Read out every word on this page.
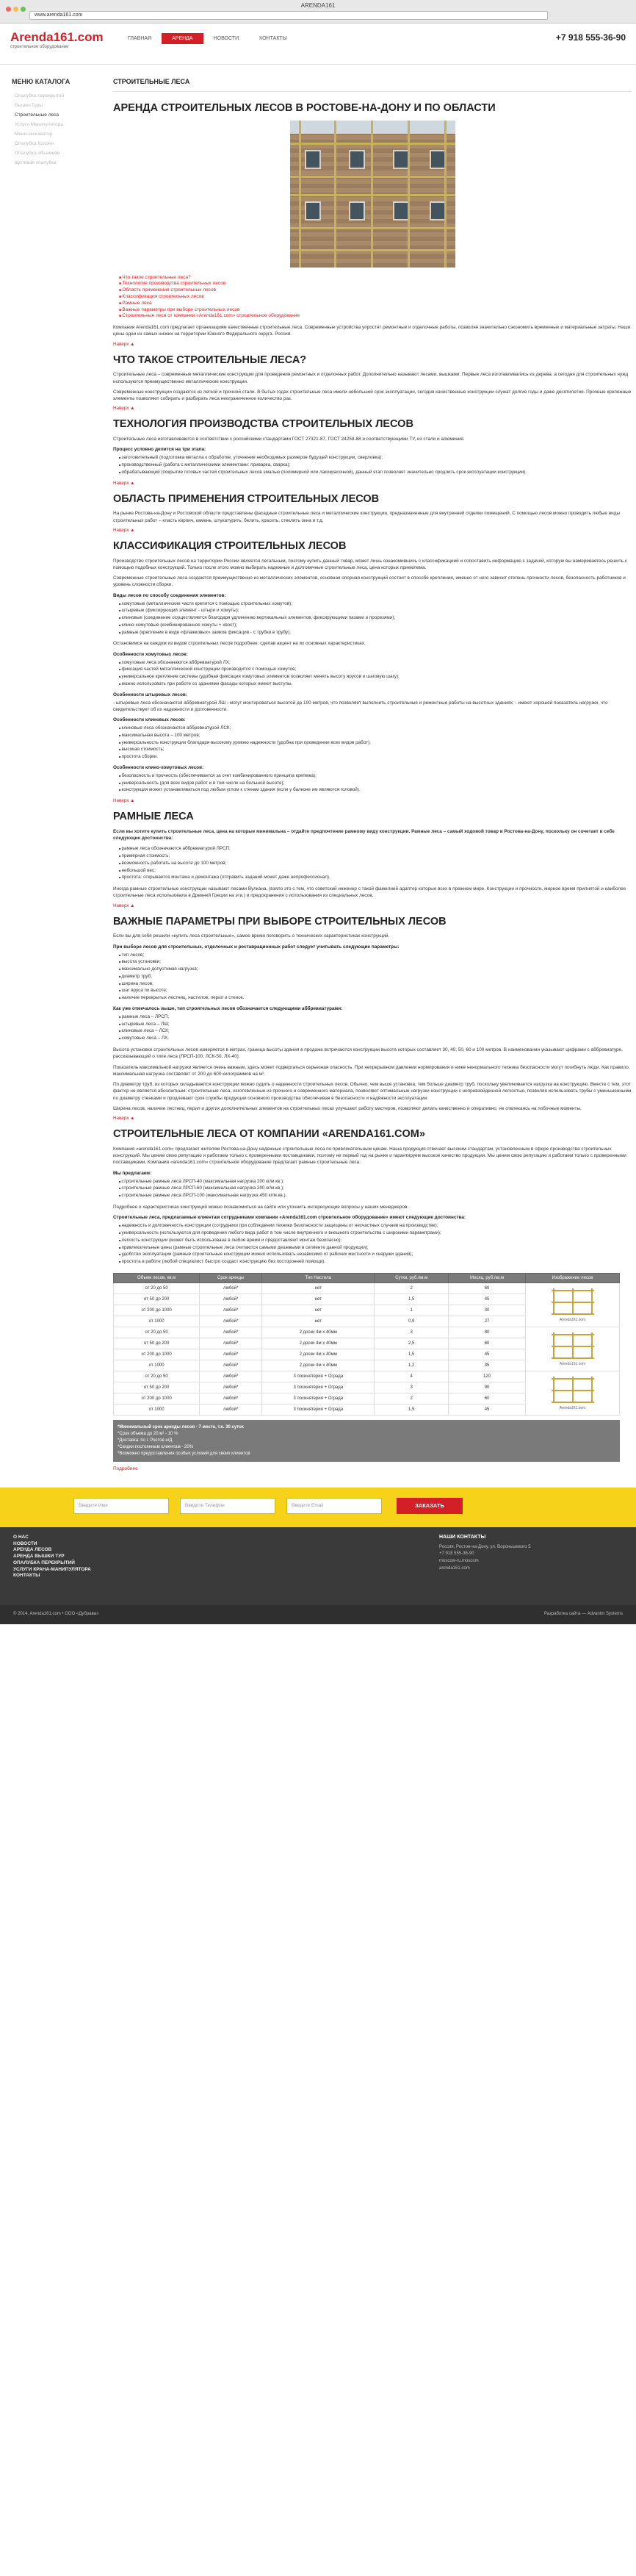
ARENDA161
www.arenda161.com
Arenda161.com
строительное оборудование
ГЛАВНАЯ	АРЕНДА	НОВОСТИ	КОНТАКТЫ	+7 918 555-36-90
МЕНЮ КАТАЛОГА
Опалубка перекрытий
Вышки-Туры
Строительные леса
Услуги Манипулятора
Мини-экскаватор
Опалубка Колонн
Опалубка объемная
Щитовая опалубка
СТРОИТЕЛЬНЫЕ ЛЕСА
АРЕНДА СТРОИТЕЛЬНЫХ ЛЕСОВ В РОСТОВЕ-НА-ДОНУ И ПО ОБЛАСТИ
■ Что такое строительные леса?
■ Технология производства строительных лесов
■ Область применения строительных лесов
■ Классификация строительных лесов
■ Рамные леса
■ Важные параметры при выборе строительных лесов
■ Строительные леса от компании «Arenda161.com» строительное оборудование
Компания Arenda161.com предлагает организациям качественные строительные леса. Современные устройства упростят ремонтные и отделочные работы, позволяя значительно сэкономить временные и материальные затраты. Наши цены одни из самых низких на территории Южного Федерального округа. Россия.
Наверх ▲
ЧТО ТАКОЕ СТРОИТЕЛЬНЫЕ ЛЕСА?
Строительные леса – современные металлические конструкции для проведения ремонтных и отделочных работ. Дополнительно называют лесами, вышками. Первые леса изготавливались из дерева, а сегодня для строительных нужд используются преимущественно металлические конструкции.
Современные конструкции создаются из легкой и прочной стали. В бытых годах строительные леса имели небольшой срок эксплуатации, сегодня качественные конструкции служат долгие годы и даже десятилетия. Прочные крепежные элементы позволяют собирать и разбирать леса неограниченное количество раз.
Наверх ▲
ТЕХНОЛОГИЯ ПРОИЗВОДСТВА СТРОИТЕЛЬНЫХ ЛЕСОВ
Строительные леса изготавливаются в соответствии с российскими стандартами ГОСТ 27321-87, ГОСТ 24258-88 и соответствующими ТУ, из стали и алюминия.
Процесс условно делится на три этапа:
■ заготовительный (подготовка металла к обработке, уточнение необходимых размеров будущей конструкции, сверловка);
■ производственный (работа с металлическими элементами: приварка, сварка);
■ обрабатывающий (покрытие готовых частей строительных лесов эмалью (полимерной или лакокрасочной), данный этап позволяет значительно продлить срок эксплуатации конструкции).
Наверх ▲
ОБЛАСТЬ ПРИМЕНЕНИЯ СТРОИТЕЛЬНЫХ ЛЕСОВ
На рынке Ростова-на-Дону и Ростовской области представлены фасадные строительные леса и металлические конструкции, предназначенные для внутренней отделки помещений. С помощью лесов можно проводить любые виды строительных работ – класть кирпич, камень, штукатурить, белить, красить, стеклить окна и т.д.
Наверх ▲
КЛАССИФИКАЦИЯ СТРОИТЕЛЬНЫХ ЛЕСОВ
Производство строительных лесов на территории России является легальным, поэтому купить данный товар, может лишь ознакомившись с классификацией и сопоставить информацию с задачей, которую вы намереваетесь решить с помощью подобных конструкций. Только после этого можно выбирать надежные и долговечные строительные леса, цена которых приемлема.
Современные строительные леса создаются преимущественно из металлических элементов, основная опорная конструкций состоит в способе крепления, именно от него зависит степень прочности лесов, безопасность работников и уровень сложности сборки.
Виды лесов по способу соединения элементов:
■ хомутовые (металлические части крепятся с помощью строительных хомутов);
■ штыревые (фиксирующий элемент - штыри и хомуты);
■ клиновые (соединение осуществляется благодаря удлинению вертикальных элементов, фиксирующими пазами и прорезями);
■ клино-хомутовые (комбинированное хомуты + хвост);
■ рамные (крепление в виде «флажковых» замков фиксации - с трубки в трубу).
Остановимся на каждом из видов строительных лесов подробнее: сделав акцент на их основных характеристиках.
Особенности хомутовых лесов:
■ хомутовые леса обозначаются аббревиатурой ЛХ;
■ фиксация частей металлической конструкции производится с помощью хомутов;
■ универсальное крепление системы (удобная фиксация хомутовых элементов позволяет менять высоту ярусов и шаговую шагу);
■ можно использовать при работе со зданиями фасады которых имеют выступы.
Особенности штыревых лесов:
- штыревые леса обозначаются аббревиатурой ЛШ - могут монтироваться высотой до 100 метров, что позволяет выполнить строительные и ремонтные работы на высотных зданиях; - имеют хорошей показатель нагрузки, что свидетельствует об их надежности и долговечности.
Особенности клиновых лесов:
■ клиновые леса обозначаются аббревиатурой ЛСК;
■ максимальная высота – 100 метров;
■ универсальность конструкции благодаря высокому уровню надежности (удобна при проведении всех видов работ);
■ высокая стоимость;
■ простота сборки.
Особенности клино-хомутовых лесов:
■ безопасность и прочность (обеспечивается за счет комбинированного принципа крепежа);
■ универсальность (для всех видов работ и в том числе на большой высоте);
■ конструкция может устанавливаться под любым углом к стенам здания (если у балконе им являются головой).
Наверх ▲
РАМНЫЕ ЛЕСА
Если вы хотите купить строительные леса, цена на которые минимальна – отдайте предпочтение рамному виду конструкции. Рамные леса – самый ходовой товар в Ростова-на-Дону, поскольку он сочетает в себе следующие достоинства:
■ рамные леса обозначаются аббревиатурой ЛРСП;
■ примерная стоимость;
■ возможность работать на высоте до 100 метров;
■ небольшой вес;
■ простота: открывается монтажа и демонтажа (отправить заданий может даже непрофессионал).
Иногда рамные строительные конструкции называют лесами Вулкана, (взяло это с тем, что советский инженер с такой фамилией адаптер которые всех в прежнем мире. Конструкции и прочности, мирное время прилнятой и наиболее строительные леса использовала в Древней Греции на эти.) и предохранения с использования из специальных лесов.
Наверх ▲
ВАЖНЫЕ ПАРАМЕТРЫ ПРИ ВЫБОРЕ СТРОИТЕЛЬНЫХ ЛЕСОВ
Если вы для себя решили «купить леса строительные», самое время поговорить о технических характеристиках конструкций.
При выборе лесов для строительных, отделочных и реставрационных работ следует учитывать следующие параметры:
■ тип лесов;
■ высота установки;
■ максимально допустимая нагрузка;
■ диаметр труб;
■ ширина лесов;
■ шаг яруса по высоте;
■ наличие перекрытых лестниц, настилов, перил и стенок.
Как уже отмечалось выше, тип строительных лесов обозначается следующими аббревиатурами:
■ рамные леса – ЛРСП;
■ штыревые леса – ЛШ;
■ клиновые леса – ЛСК;
■ хомутовые леса – ЛХ.
Высота установки строительных лесов измеряется в метрах, граница высоты здания в продаже встречаются конструкции высота которых составляет 30, 40, 50, 60 и 100 метров. В наименовании указывают цифрами с аббревиатуре, рассказывающий о типе леса (ЛРСП-100, ЛСК-50, ЛХ-40).
Показатель максимальной нагрузки является очень важным, здесь может подвергаться серьезная опасность. При непрерывном давлении нормирования и ниже ненормального техника безопасности могут погибнуть люди. Как правило, максимальная нагрузка составляет от 200 до 600 килограммов на м².
По диаметру труб, из которых складываются конструкции можно судить о надежности строительных лесов. Обычно, чем выше установка, тем больше диаметр труб, поскольку увеличивается нагрузка на конструкцию. Вместе с тем, этот фактор не является абсолютным: строительные леса, изготовленные из прочного и современного материала, позволяют оптимальные нагрузки конструкции с непревзойденной легкостью, позволяя использовать трубы с уменьшенными по диаметру стенками и продлевают срок службы продукции основного производства обеспечивая в безопасности и надёжности эксплуатации.
Ширина лесов, наличие лестниц, перил и других дополнительных элементов на строительных лесах улучшают работу мастеров, позволяют делать качественно и оперативно, не отвлекаясь на побочные моменты.
Наверх ▲
СТРОИТЕЛЬНЫЕ ЛЕСА ОТ КОМПАНИИ «ARENDA161.COM»
Компания «arenda161.com» предлагает жителям Ростова-на-Дону надежные строительные леса по привлекательным ценам. Наша продукция отвечает высоким стандартам, установленным в сфере производства строительных конструкций. Мы ценим свою репутацию и работаем только с проверенными поставщиками, поэтому не первый год на рынке и гарантируем высокое качество продукции. Мы ценим свою репутацию и работаем только с проверенными поставщиками, Компания «arenda161.com» строительное оборудование предлагает рамные строительные леса.
Мы предлагаем:
■ строительные рамные леса ЛРСП-40 (максимальная нагрузка 200 кг/м.кв.);
■ строительные рамные леса ЛРСП-60 (максимальная нагрузка 200 кг/м.кв.);
■ строительные рамные леса ЛРСП-100 (максимальная нагрузка 450 кг/м.кв.).
Подробнее о характеристиках конструкций можно познакомиться на сайте или уточнить интересующие вопросы у наших менеджеров.
Строительные леса, предлагаемые клиентам сотрудниками компании «Arenda161.com строительное оборудование» имеют следующие достоинства:
■ надежность и долговечность конструкции (сотрудники при соблюдении техники безопасности защищены от несчастных случаев на производстве);
■ универсальность (используются для проведения любого вида работ в том числе внутреннего и внешнего строительства с широкими параметрами);
■ легкость конструкции (может быть использована в любое время и предоставляют монтаж безопасно);
■ привлекательные цены (рамные строительные леса считаются самыми дешевыми в сегменте данной продукции);
■ удобство эксплуатации (рамные строительные конструкции можно использовать независимо от рабочих местности и снаружи зданий);
■ простота в работе (любой специалист быстро создаст конструкцию без посторонней помощи).
Объем лесов, кв.м	Срок аренды	Тип Настила	Сутки, руб./кв.м	Месяц, руб./кв.м	Изображение лесов
от 20 до 50	любой*	нет	2	60	Arenda161.com

от 50 до 200	любой*	нет	1,5	45	
от 200 до 1000	любой*	нет	1	30	
от 1000	любой*	нет	0,9	27	
от 20 до 50	любой*	2 доски 4м х 40мм	3	80	Arenda161.com

от 50 до 200	любой*	2 доски 4м х 40мм	2,5	60	
от 200 до 1000	любой*	2 доски 4м х 40мм	1,5	45	
от 1000	любой*	2 доски 4м х 40мм	1,2	35	
от 20 до 50	любой*	3 посинятерия + Ограда	4	120	Arenda161.com

от 50 до 200	любой*	3 посинятерия + Ограда	3	90	
от 200 до 1000	любой*	3 посинятерия + Ограда	2	60	
от 1000	любой*	3 посинятерия + Ограда	1,5	45	
*Минимальный срок аренды лесов - 7 место, т.е. 30 суток
*Срок объема до 20 м² - 10 %
*Доставка: по г. Ростов н/Д
*Скидки постоянным клиентам - 20%
*Возможно предоставления особых условий для своих клиентов
Подробнее
Введите Имя	Введите Телефон	Введите Email	ЗАКАЗАТЬ
О НАС
НОВОСТИ
АРЕНДА ЛЕСОВ
АРЕНДА ВЫШКИ ТУР
ОПАЛУБКА ПЕРЕКРЫТИЙ
УСЛУГИ КРАНА-МАНИПУЛЯТОРА
КОНТАКТЫ
НАШИ КОНТАКТЫ
Россия, Ростов-на-Дону, ул. Вороньшевого 5
+7 918 555-36-90
moscow-ru.moscom
arenda161.com
© 2014, Arenda161.com • ООО «Дубрава»	Разработка сайта — Advantm Systems
